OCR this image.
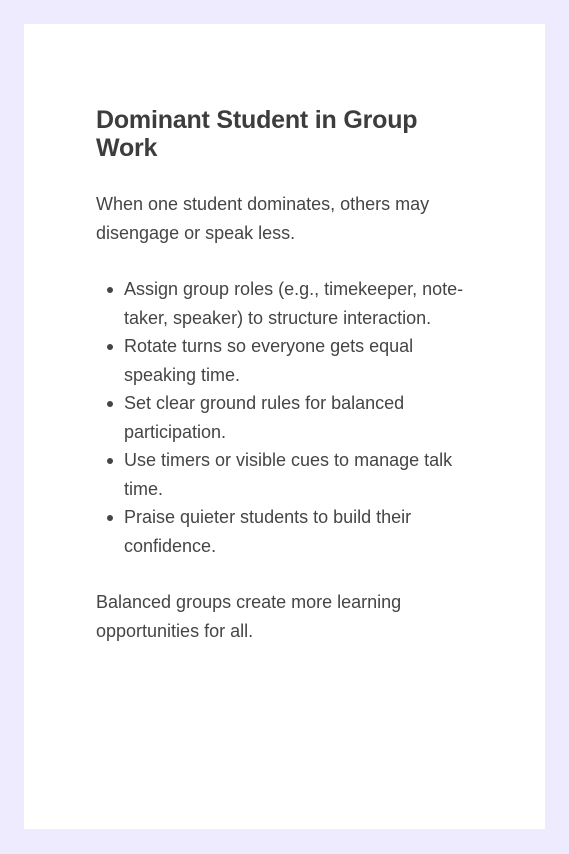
Dominant Student in Group Work

When one student dominates, others may disengage or speak less.

Assign group roles (e.g., timekeeper, note-taker, speaker) to structure interaction.
Rotate turns so everyone gets equal speaking time.
Set clear ground rules for balanced participation.
Use timers or visible cues to manage talk time.
Praise quieter students to build their confidence.

Balanced groups create more learning opportunities for all.
